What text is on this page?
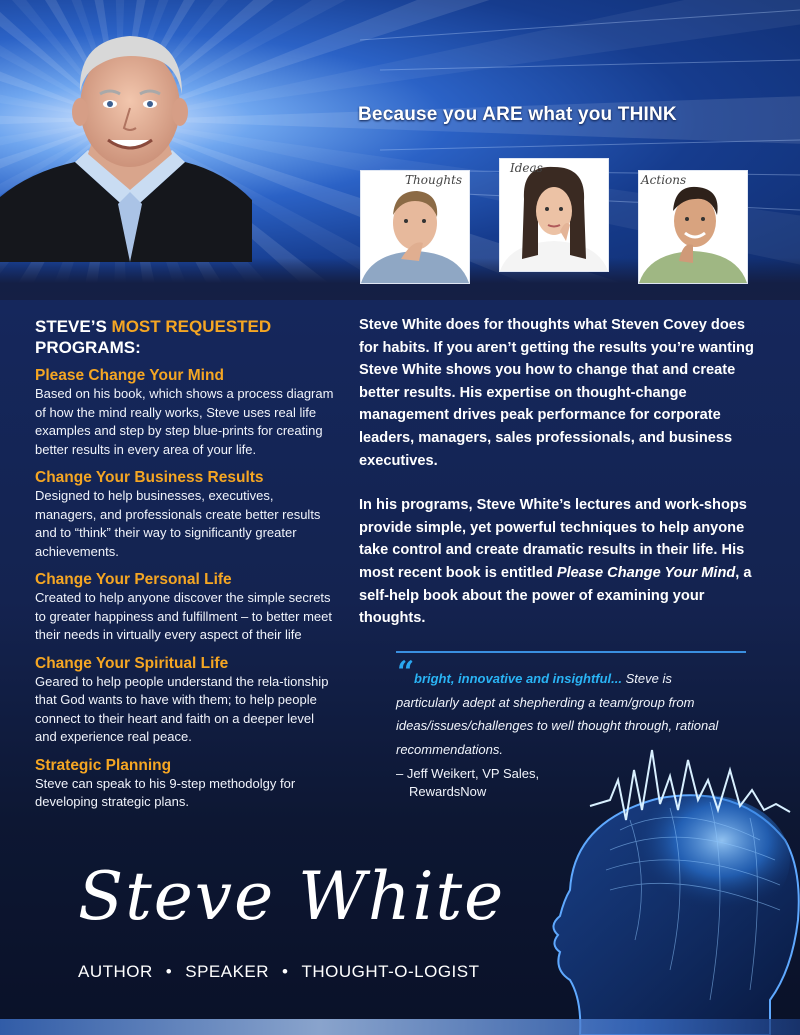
Because you ARE what you THINK
Thoughts
Ideas
Actions
STEVE’S MOST REQUESTED
PROGRAMS:

Please Change Your Mind

Based on his book, which shows a process diagram of how the mind really works, Steve uses real life examples and step by step blue-prints for creating better results in every area of your life.

Change Your Business Results

Designed to help businesses, executives, managers, and professionals create better results and to “think” their way to significantly greater achievements.

Change Your Personal Life

Created to help anyone discover the simple secrets to greater happiness and fulfillment – to better meet their needs in virtually every aspect of their life

Change Your Spiritual Life

Geared to help people understand the rela-tionship that God wants to have with them; to help people connect to their heart and faith on a deeper level and experience real peace.

Strategic Planning

Steve can speak to his 9-step methodolgy for developing strategic plans.

Steve White does for thoughts what Steven Covey does for habits. If you aren’t getting the results you’re wanting Steve White shows you how to change that and create better results. His expertise on thought-change management drives peak performance for corporate leaders, managers, sales professionals, and business executives.

In his programs, Steve White’s lectures and work-shops provide simple, yet powerful techniques to help anyone take control and create dramatic results in their life. His most recent book is entitled Please Change Your Mind, a self-help book about the power of examining your thoughts.

“ bright, innovative and insightful... Steve is particularly adept at shepherding a team/group from ideas/issues/challenges to well thought through, rational recommendations.
– Jeff Weikert, VP Sales,
RewardsNow
Steve White
AUTHOR • SPEAKER • THOUGHT-O-LOGIST
